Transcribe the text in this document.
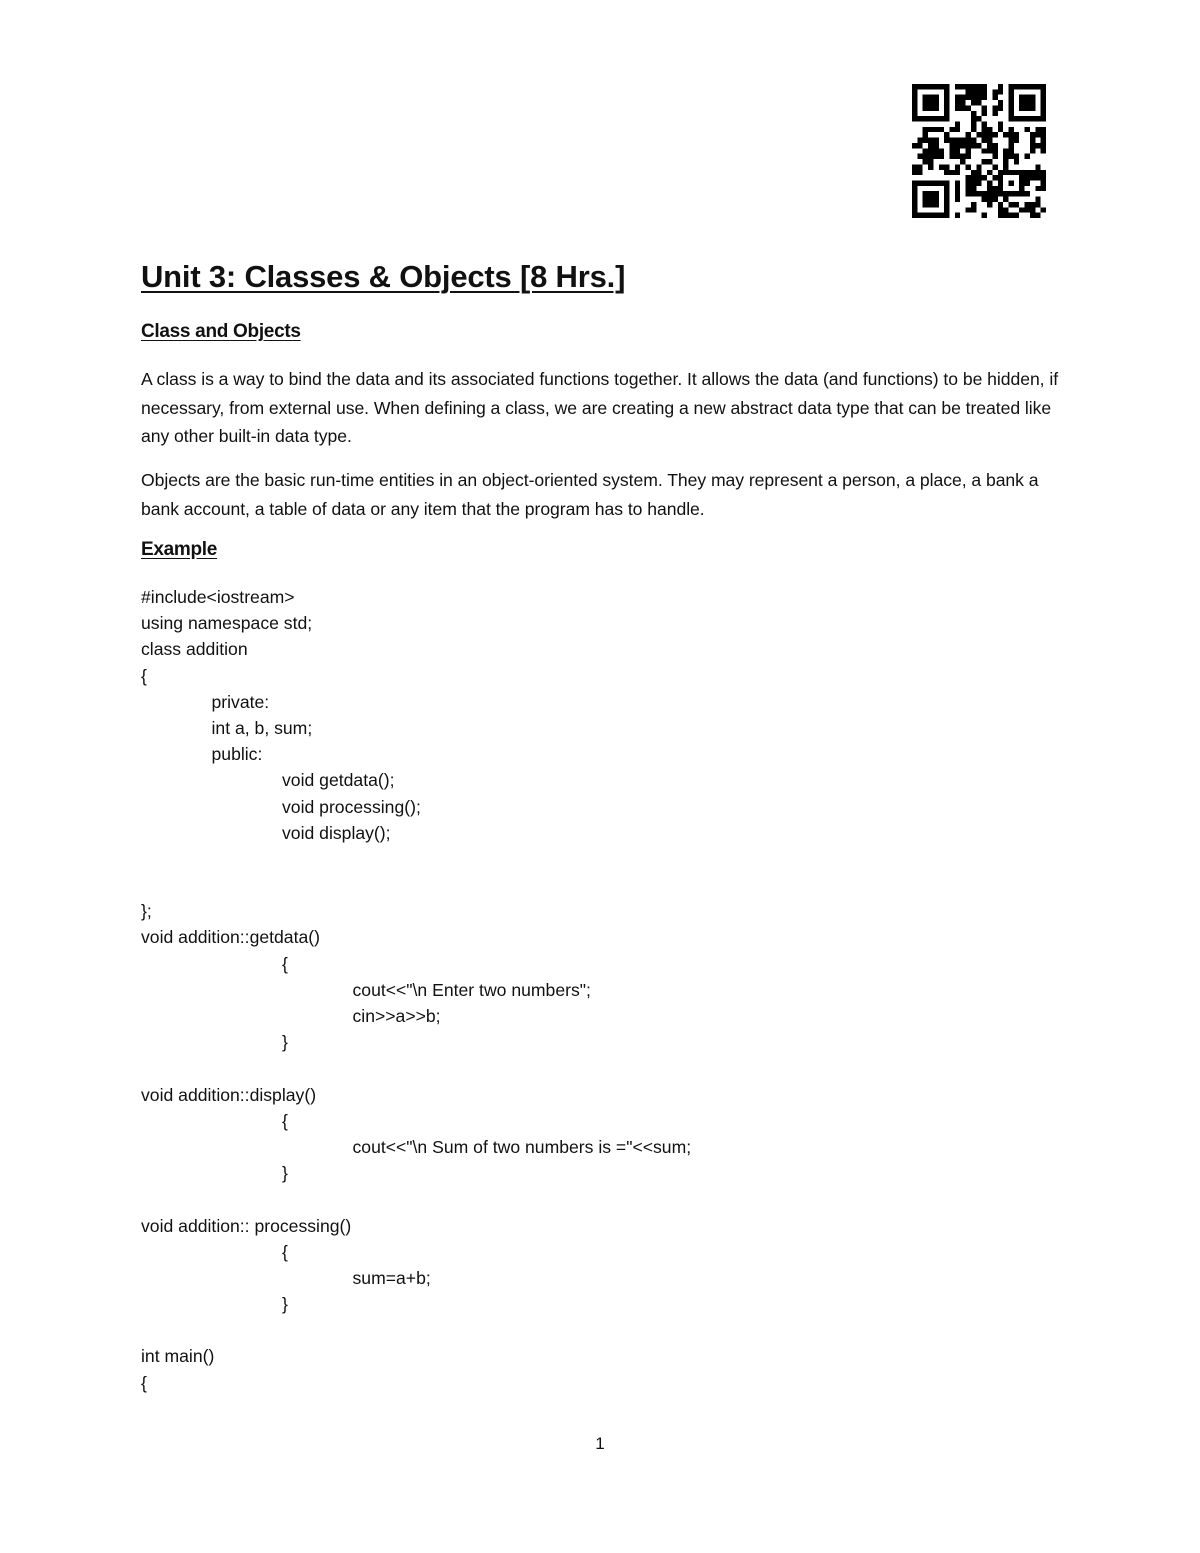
Unit 3: Classes & Objects [8 Hrs.]
Class and Objects

A class is a way to bind the data and its associated functions together. It allows the data (and functions) to be hidden, if necessary, from external use. When defining a class, we are creating a new abstract data type that can be treated like any other built-in data type.

Objects are the basic run-time entities in an object-oriented system. They may represent a person, a place, a bank a bank account, a table of data or any item that the program has to handle.

Example
#include<iostream>
using namespace std;
class addition
{
private:
int a, b, sum;
public:
void getdata();
void processing();
void display();
};
void addition::getdata()
{
cout<<"\n Enter two numbers";
cin>>a>>b;
}
void addition::display()
{
cout<<"\n Sum of two numbers is ="<<sum;
}
void addition:: processing()
{
sum=a+b;
}
int main()
{
1
